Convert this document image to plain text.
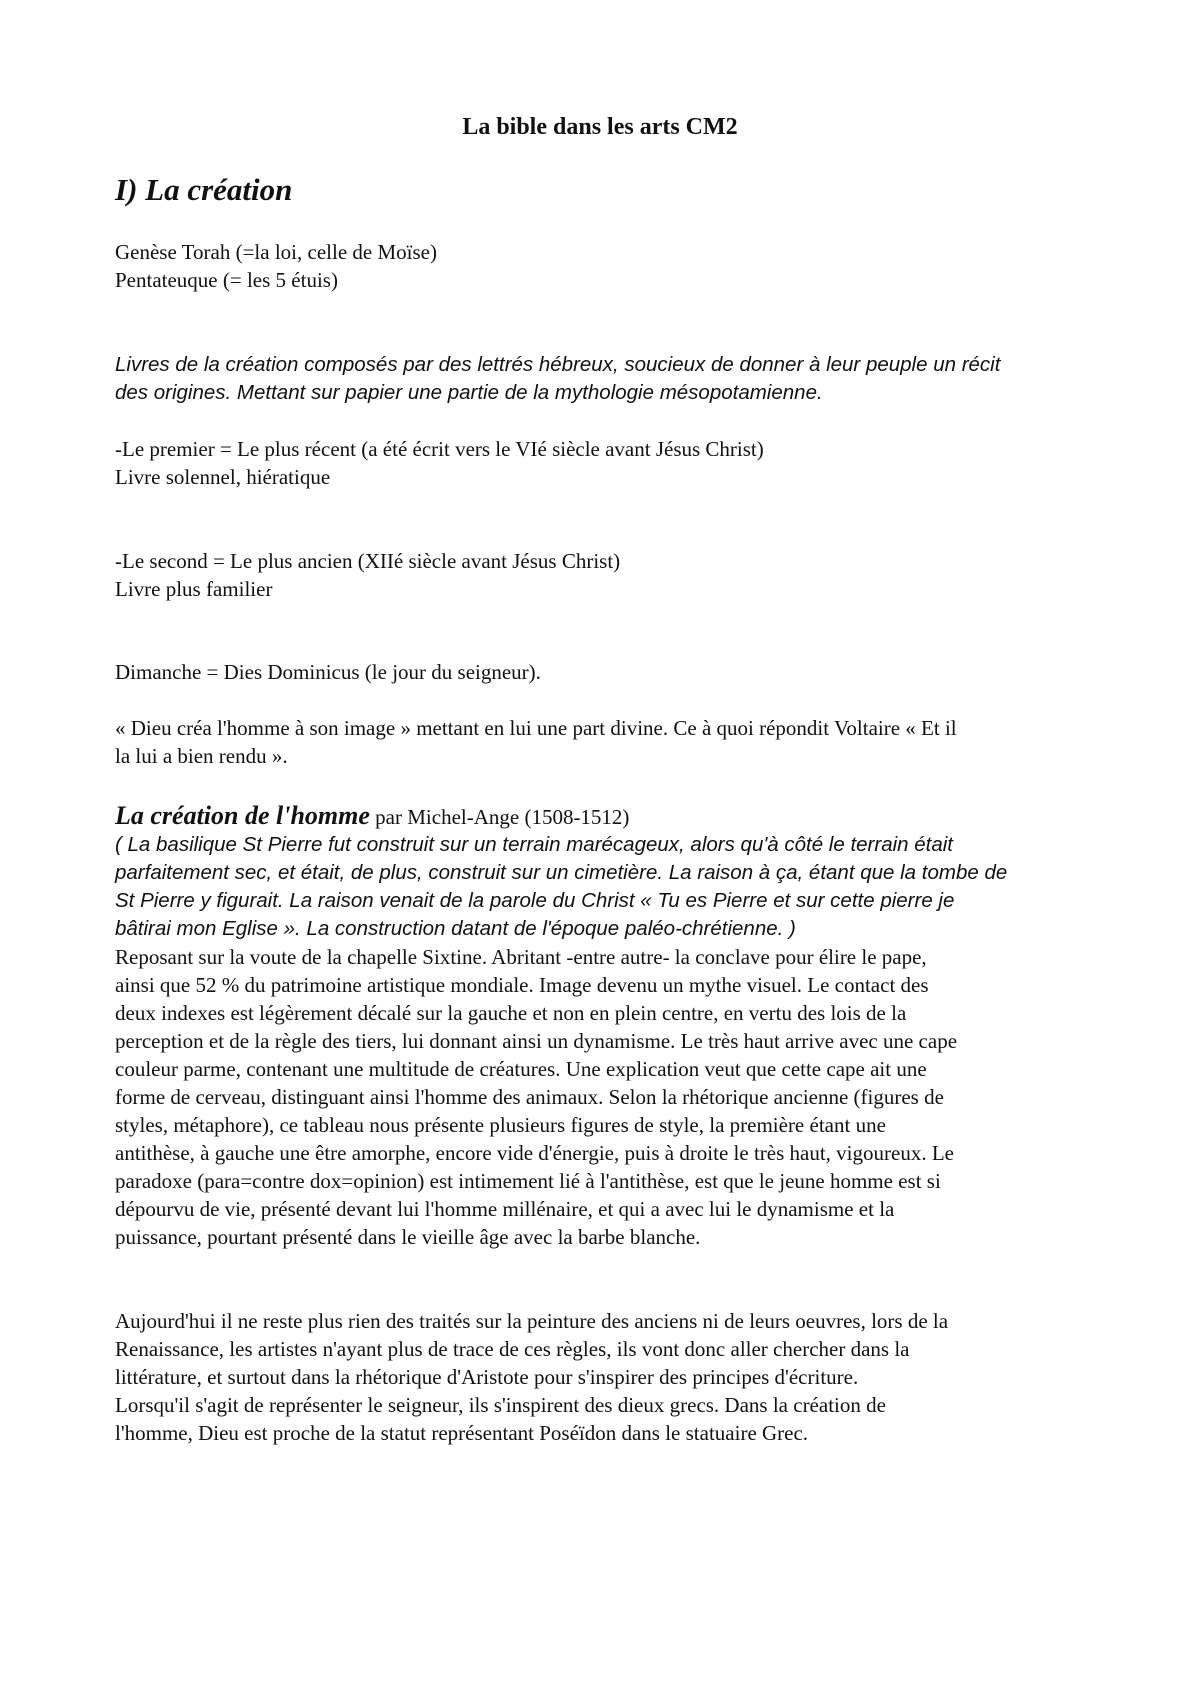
La bible dans les arts CM2
I) La création
Genèse Torah (=la loi, celle de Moïse)
Pentateuque (= les 5 étuis)
Livres de la création composés par des lettrés hébreux, soucieux de donner à leur peuple un récit
des origines. Mettant sur papier une partie de la mythologie mésopotamienne.
-Le premier = Le plus récent (a été écrit vers le VIé siècle avant Jésus Christ)
Livre solennel, hiératique
-Le second = Le plus ancien (XIIé siècle avant Jésus Christ)
Livre plus familier
Dimanche = Dies Dominicus (le jour du seigneur).
« Dieu créa l'homme à son image » mettant en lui une part divine. Ce à quoi répondit Voltaire « Et il
la lui a bien rendu ».
La création de l'homme par Michel-Ange (1508-1512)
( La basilique St Pierre fut construit sur un terrain marécageux, alors qu'à côté le terrain était
parfaitement sec, et était, de plus, construit sur un cimetière. La raison à ça, étant que la tombe de
St Pierre y figurait. La raison venait de la parole du Christ « Tu es Pierre et sur cette pierre je
bâtirai mon Eglise ». La construction datant de l'époque paléo-chrétienne. )
Reposant sur la voute de la chapelle Sixtine. Abritant -entre autre- la conclave pour élire le pape,
ainsi que 52 % du patrimoine artistique mondiale. Image devenu un mythe visuel. Le contact des
deux indexes est légèrement décalé sur la gauche et non en plein centre, en vertu des lois de la
perception et de la règle des tiers, lui donnant ainsi un dynamisme. Le très haut arrive avec une cape
couleur parme, contenant une multitude de créatures. Une explication veut que cette cape ait une
forme de cerveau, distinguant ainsi l'homme des animaux. Selon la rhétorique ancienne (figures de
styles, métaphore), ce tableau nous présente plusieurs figures de style, la première étant une
antithèse, à gauche une être amorphe, encore vide d'énergie, puis à droite le très haut, vigoureux. Le
paradoxe (para=contre dox=opinion) est intimement lié à l'antithèse, est que le jeune homme est si
dépourvu de vie, présenté devant lui l'homme millénaire, et qui a avec lui le dynamisme et la
puissance, pourtant présenté dans le vieille âge avec la barbe blanche.
Aujourd'hui il ne reste plus rien des traités sur la peinture des anciens ni de leurs oeuvres, lors de la
Renaissance, les artistes n'ayant plus de trace de ces règles, ils vont donc aller chercher dans la
littérature, et surtout dans la rhétorique d'Aristote pour s'inspirer des principes d'écriture.
Lorsqu'il s'agit de représenter le seigneur, ils s'inspirent des dieux grecs. Dans la création de
l'homme, Dieu est proche de la statut représentant Poséïdon dans le statuaire Grec.
